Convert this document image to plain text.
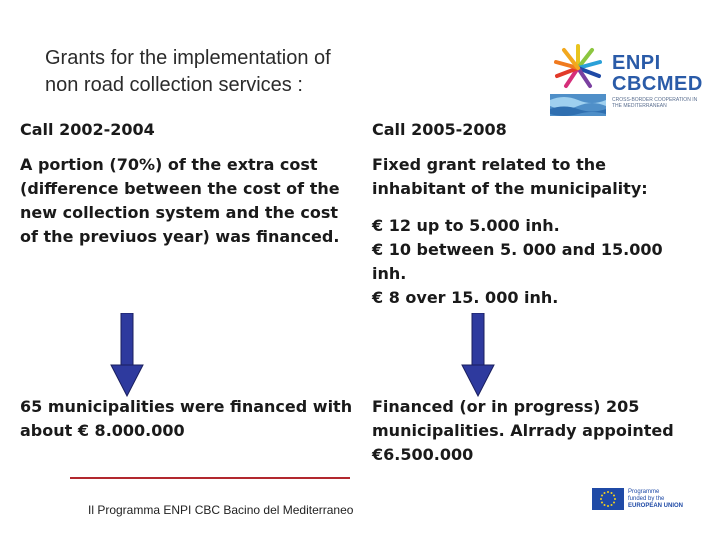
Grants for the implementation of
non road collection services :
ENPI
CBCMED
CROSS-BORDER COOPERATION IN THE MEDITERRANEAN
Call 2002-2004	Call 2005-2008
A portion (70%) of the extra cost (difference between the cost of the new collection system and the cost of the previuos year) was financed.
Fixed grant related to the inhabitant of the municipality:
€ 12 up to 5.000 inh.
€ 10 between 5. 000 and 15.000 inh.
€ 8 over 15. 000 inh.
65 municipalities were financed with about € 8.000.000
Financed (or in progress) 205 municipalities. Alrrady appointed €6.500.000
Il Programma ENPI CBC Bacino del Mediterraneo
Programme
funded by the

EUROPEAN UNION
